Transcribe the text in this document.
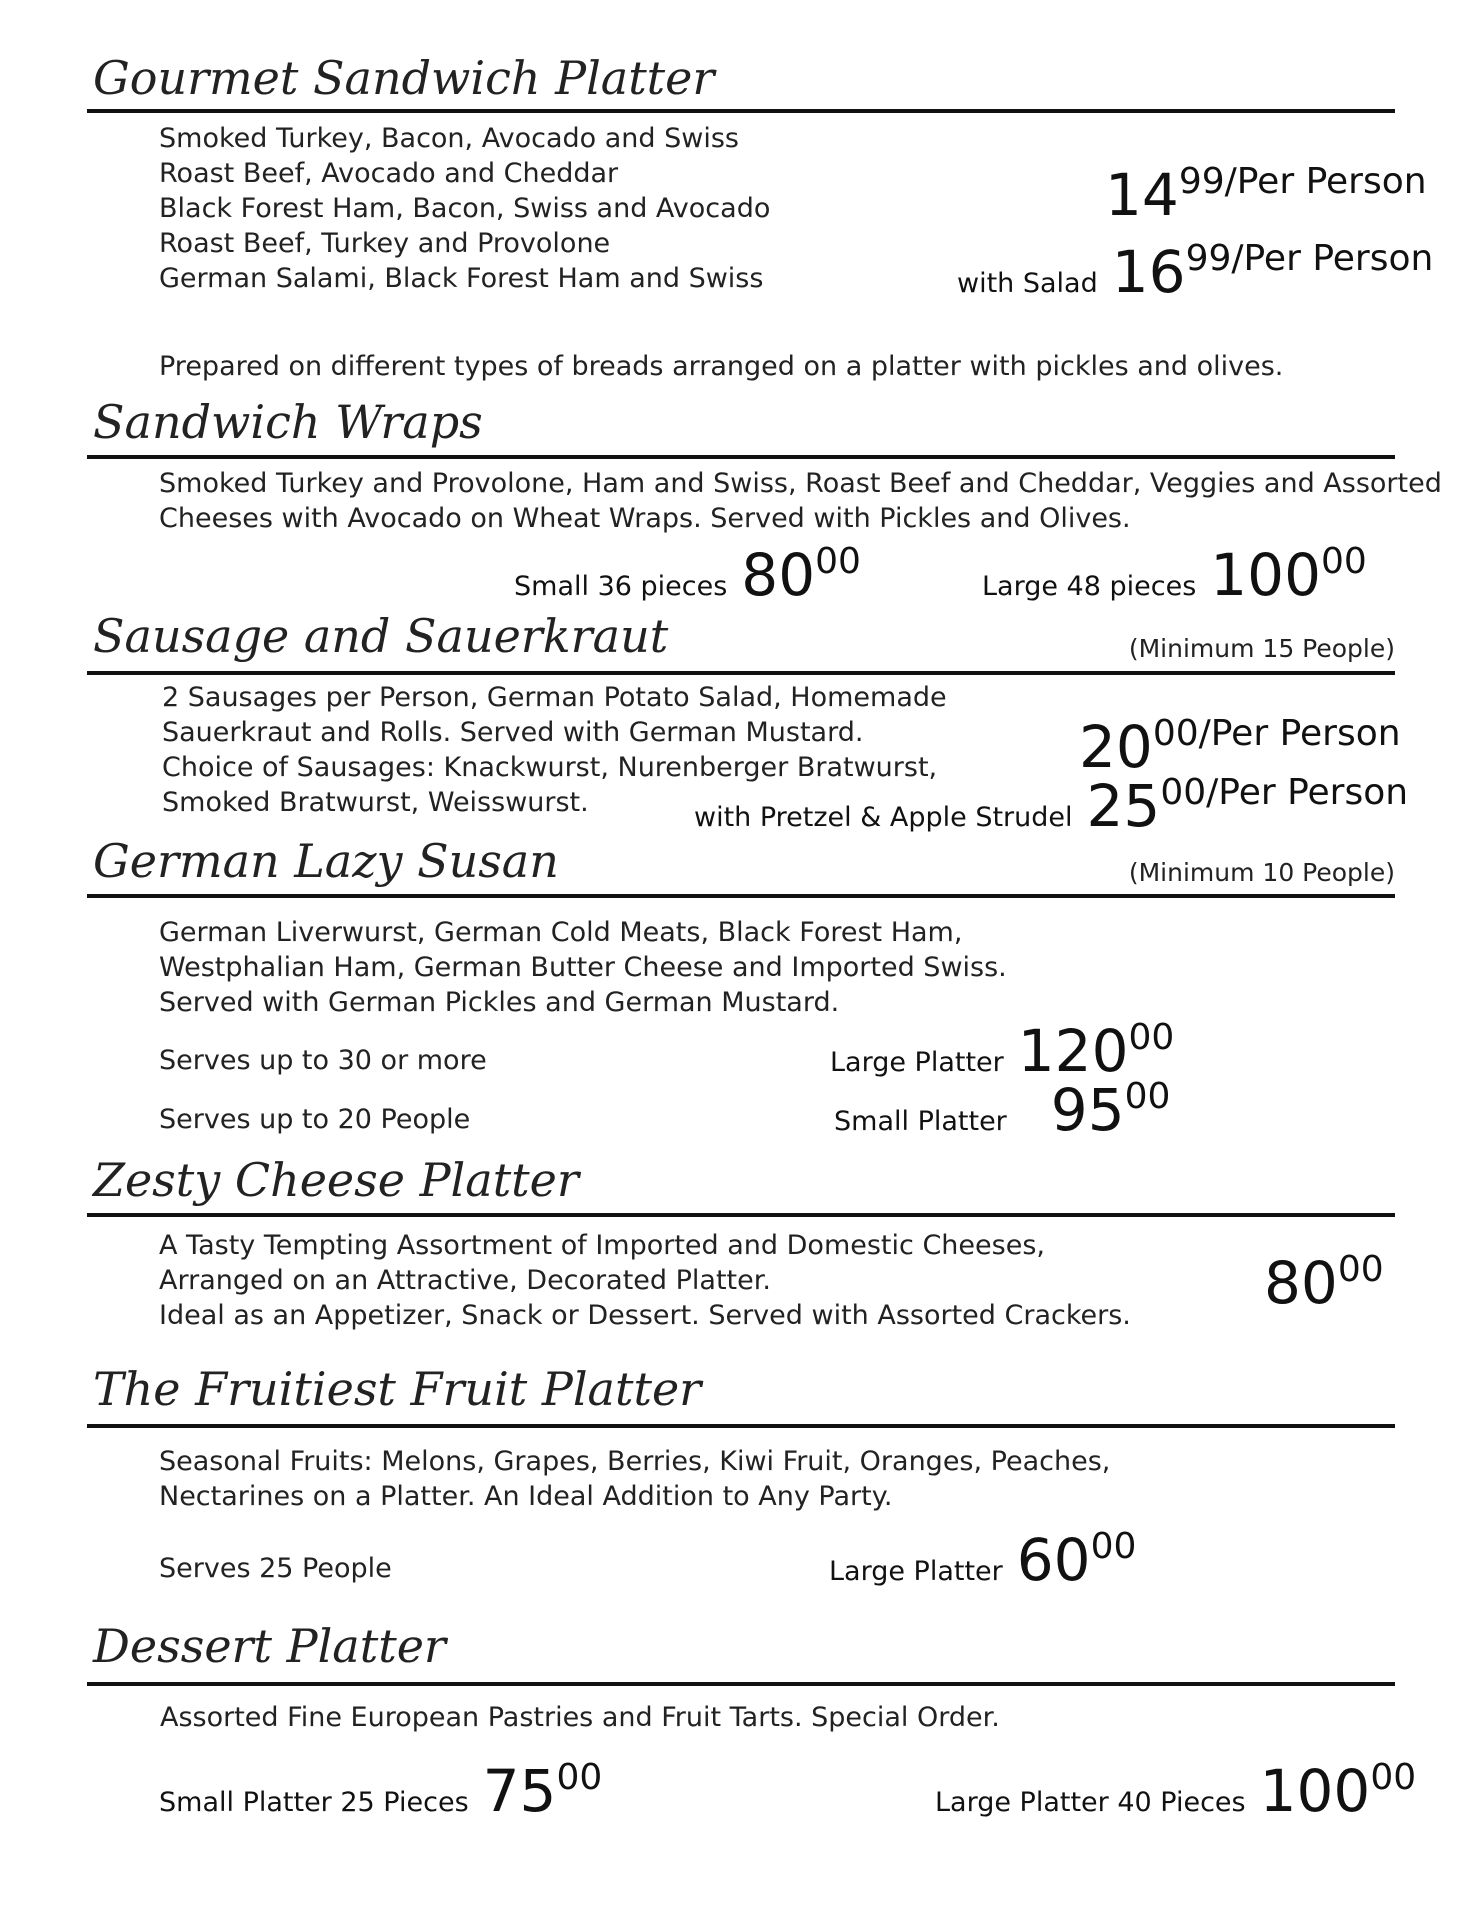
Gourmet Sandwich Platter
Smoked Turkey, Bacon, Avocado and Swiss
Roast Beef, Avocado and Cheddar
Black Forest Ham, Bacon, Swiss and Avocado
Roast Beef, Turkey and Provolone
German Salami, Black Forest Ham and Swiss
1499/Per Person
with Salad 1699/Per Person
Prepared on different types of breads arranged on a platter with pickles and olives.
Sandwich Wraps
Smoked Turkey and Provolone, Ham and Swiss, Roast Beef and Cheddar, Veggies and Assorted
Cheeses with Avocado on Wheat Wraps. Served with Pickles and Olives.
Small 36 pieces 8000
Large 48 pieces 10000
Sausage and Sauerkraut	(Minimum 15 People)
2 Sausages per Person, German Potato Salad, Homemade
Sauerkraut and Rolls. Served with German Mustard.
Choice of Sausages: Knackwurst, Nurenberger Bratwurst,
Smoked Bratwurst, Weisswurst.
2000/Per Person
with Pretzel & Apple Strudel 2500/Per Person
German Lazy Susan	(Minimum 10 People)
German Liverwurst, German Cold Meats, Black Forest Ham,
Westphalian Ham, German Butter Cheese and Imported Swiss.
Served with German Pickles and German Mustard.
Serves up to 30 or more
Serves up to 20 People
Large Platter 12000
Small Platter 9500
Zesty Cheese Platter
A Tasty Tempting Assortment of Imported and Domestic Cheeses,
Arranged on an Attractive, Decorated Platter.
Ideal as an Appetizer, Snack or Dessert. Served with Assorted Crackers. 8000
The Fruitiest Fruit Platter
Seasonal Fruits: Melons, Grapes, Berries, Kiwi Fruit, Oranges, Peaches,
Nectarines on a Platter. An Ideal Addition to Any Party.
Serves 25 People	Large Platter 6000
Dessert Platter
Assorted Fine European Pastries and Fruit Tarts. Special Order.
Small Platter 25 Pieces 7500
Large Platter 40 Pieces 10000
